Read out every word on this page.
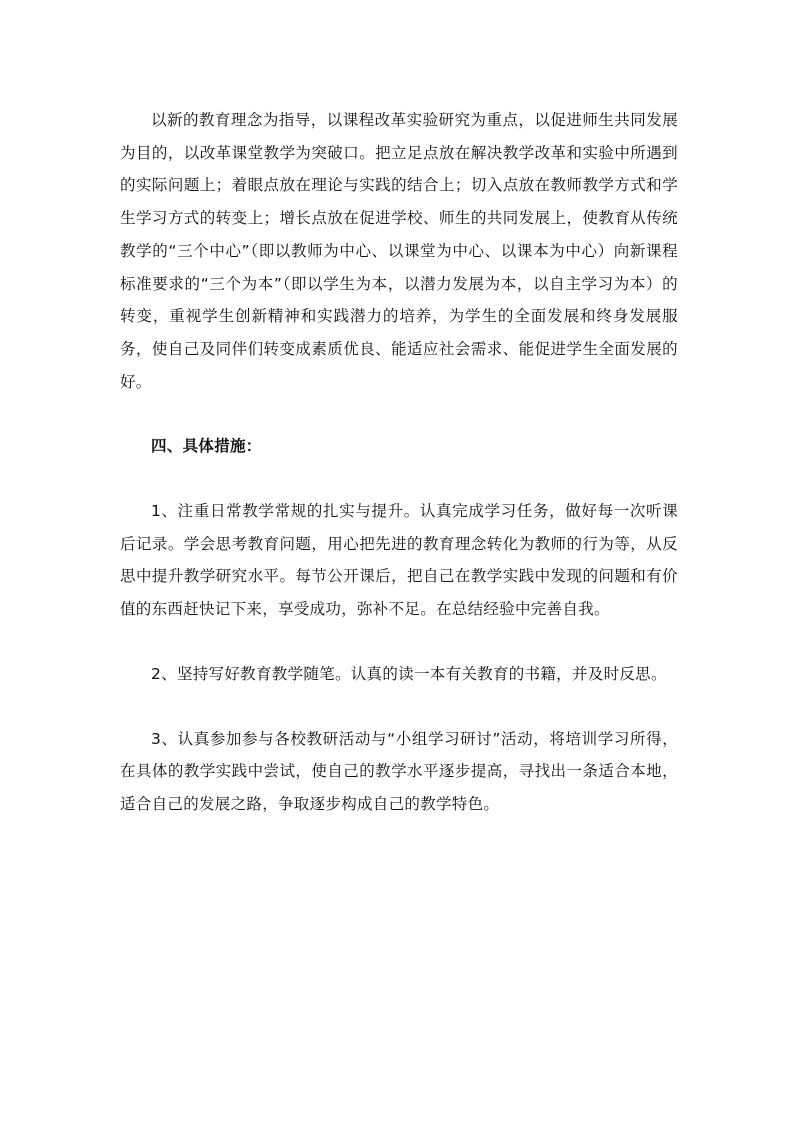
以新的教育理念为指导，以课程改革实验研究为重点，以促进师生共同发展为目的，以改革课堂教学为突破口。把立足点放在解决教学改革和实验中所遇到的实际问题上；着眼点放在理论与实践的结合上；切入点放在教师教学方式和学生学习方式的转变上；增长点放在促进学校、师生的共同发展上，使教育从传统教学的“三个中心”（即以教师为中心、以课堂为中心、以课本为中心）向新课程标准要求的“三个为本”（即以学生为本，以潜力发展为本，以自主学习为本）的转变，重视学生创新精神和实践潜力的培养，为学生的全面发展和终身发展服务，使自己及同伴们转变成素质优良、能适应社会需求、能促进学生全面发展的好。

四、具体措施：

1、注重日常教学常规的扎实与提升。认真完成学习任务，做好每一次听课后记录。学会思考教育问题，用心把先进的教育理念转化为教师的行为等，从反思中提升教学研究水平。每节公开课后，把自己在教学实践中发现的问题和有价值的东西赶快记下来，享受成功，弥补不足。在总结经验中完善自我。

2、坚持写好教育教学随笔。认真的读一本有关教育的书籍，并及时反思。

3、认真参加参与各校教研活动与“小组学习研讨”活动，将培训学习所得，在具体的教学实践中尝试，使自己的教学水平逐步提高，寻找出一条适合本地，适合自己的发展之路，争取逐步构成自己的教学特色。
